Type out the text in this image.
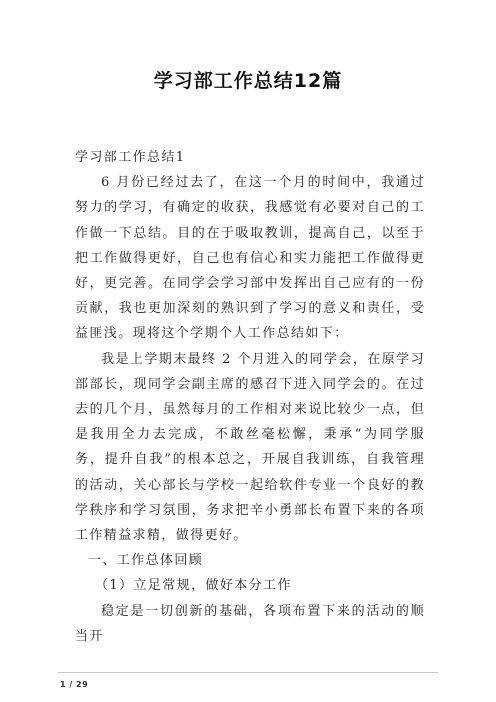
学习部工作总结12篇

学习部工作总结1

6 月份已经过去了，在这一个月的时间中，我通过努力的学习，有确定的收获，我感觉有必要对自己的工作做一下总结。目的在于吸取教训，提高自己，以至于把工作做得更好，自己也有信心和实力能把工作做得更好，更完善。在同学会学习部中发挥出自己应有的一份贡献，我也更加深刻的熟识到了学习的意义和责任，受益匪浅。现将这个学期个人工作总结如下：

我是上学期末最终 2 个月进入的同学会，在原学习部部长，现同学会副主席的感召下进入同学会的。在过去的几个月，虽然每月的工作相对来说比较少一点，但是我用全力去完成，不敢丝毫松懈，秉承“为同学服务，提升自我”的根本总之，开展自我训练，自我管理的活动，关心部长与学校一起给软件专业一个良好的教学秩序和学习氛围，务求把辛小勇部长布置下来的各项工作精益求精，做得更好。

一、工作总体回顾

（1）立足常规，做好本分工作

稳定是一切创新的基础，各项布置下来的活动的顺当开

1 / 29
